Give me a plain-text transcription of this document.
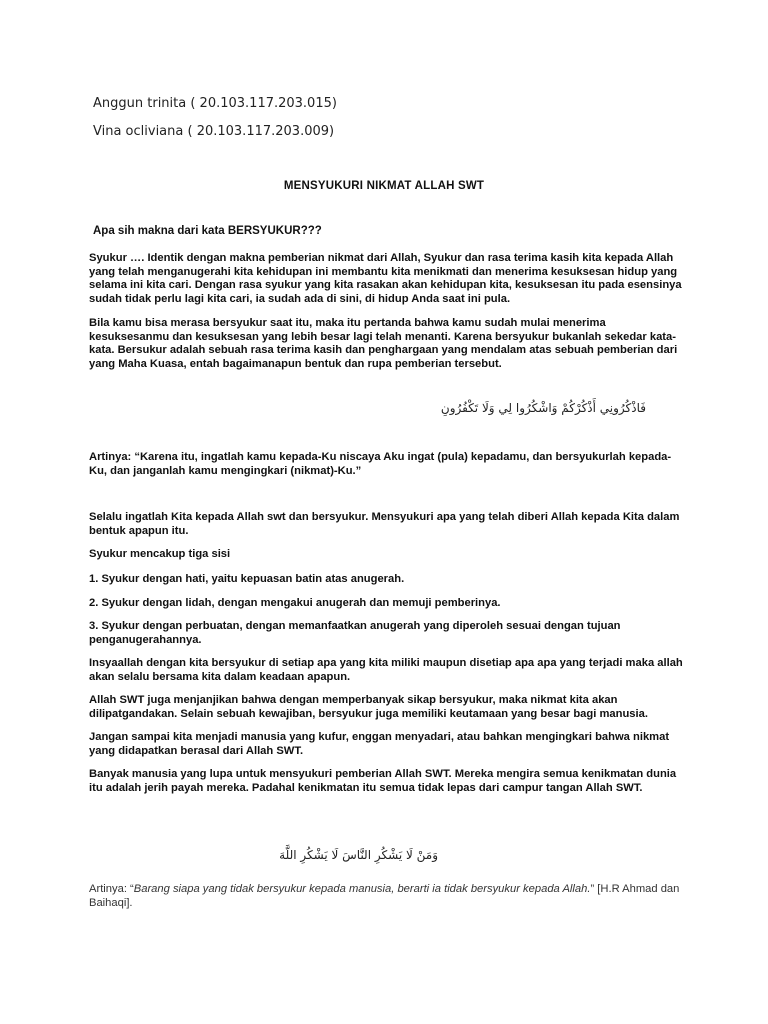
Anggun trinita ( 20.103.117.203.015)
Vina ocliviana ( 20.103.117.203.009)
MENSYUKURI NIKMAT ALLAH SWT
Apa sih makna dari kata BERSYUKUR???
Syukur …. Identik dengan makna pemberian nikmat dari Allah, Syukur dan rasa terima kasih kita kepada Allah yang telah menganugerahi kita kehidupan ini membantu kita menikmati dan menerima kesuksesan hidup yang selama ini kita cari. Dengan rasa syukur yang kita rasakan akan kehidupan kita, kesuksesan itu pada esensinya sudah tidak perlu lagi kita cari, ia sudah ada di sini, di hidup Anda saat ini pula.
Bila kamu bisa merasa bersyukur saat itu, maka itu pertanda bahwa kamu sudah mulai menerima kesuksesanmu dan kesuksesan yang lebih besar lagi telah menanti. Karena bersyukur bukanlah sekedar kata-kata. Bersukur adalah sebuah rasa terima kasih dan penghargaan yang mendalam atas sebuah pemberian dari yang Maha Kuasa, entah bagaimanapun bentuk dan rupa pemberian tersebut.
فَاذْكُرُونِي أَذْكُرْكُمْ وَاشْكُرُوا لِي وَلَا تَكْفُرُونِ
Artinya: “Karena itu, ingatlah kamu kepada-Ku niscaya Aku ingat (pula) kepadamu, dan bersyukurlah kepada-Ku, dan janganlah kamu mengingkari (nikmat)-Ku.”
Selalu ingatlah Kita kepada Allah swt dan bersyukur. Mensyukuri apa yang telah diberi Allah kepada Kita dalam bentuk apapun itu.
Syukur mencakup tiga sisi
1. Syukur dengan hati, yaitu kepuasan batin atas anugerah.
2. Syukur dengan lidah, dengan mengakui anugerah dan memuji pemberinya.
3. Syukur dengan perbuatan, dengan memanfaatkan anugerah yang diperoleh sesuai dengan tujuan penganugerahannya.
Insyaallah dengan kita bersyukur di setiap apa yang kita miliki maupun disetiap apa apa yang terjadi maka allah akan selalu bersama kita dalam keadaan apapun.
Allah SWT juga menjanjikan bahwa dengan memperbanyak sikap bersyukur, maka nikmat kita akan dilipatgandakan. Selain sebuah kewajiban, bersyukur juga memiliki keutamaan yang besar bagi manusia.
Jangan sampai kita menjadi manusia yang kufur, enggan menyadari, atau bahkan mengingkari bahwa nikmat yang didapatkan berasal dari Allah SWT.
Banyak manusia yang lupa untuk mensyukuri pemberian Allah SWT. Mereka mengira semua kenikmatan dunia itu adalah jerih payah mereka. Padahal kenikmatan itu semua tidak lepas dari campur tangan Allah SWT.
وَمَنْ لَا يَشْكُرِ النَّاسَ لَا يَشْكُرِ اللَّهَ
Artinya: “Barang siapa yang tidak bersyukur kepada manusia, berarti ia tidak bersyukur kepada Allah.” [H.R Ahmad dan Baihaqi].
